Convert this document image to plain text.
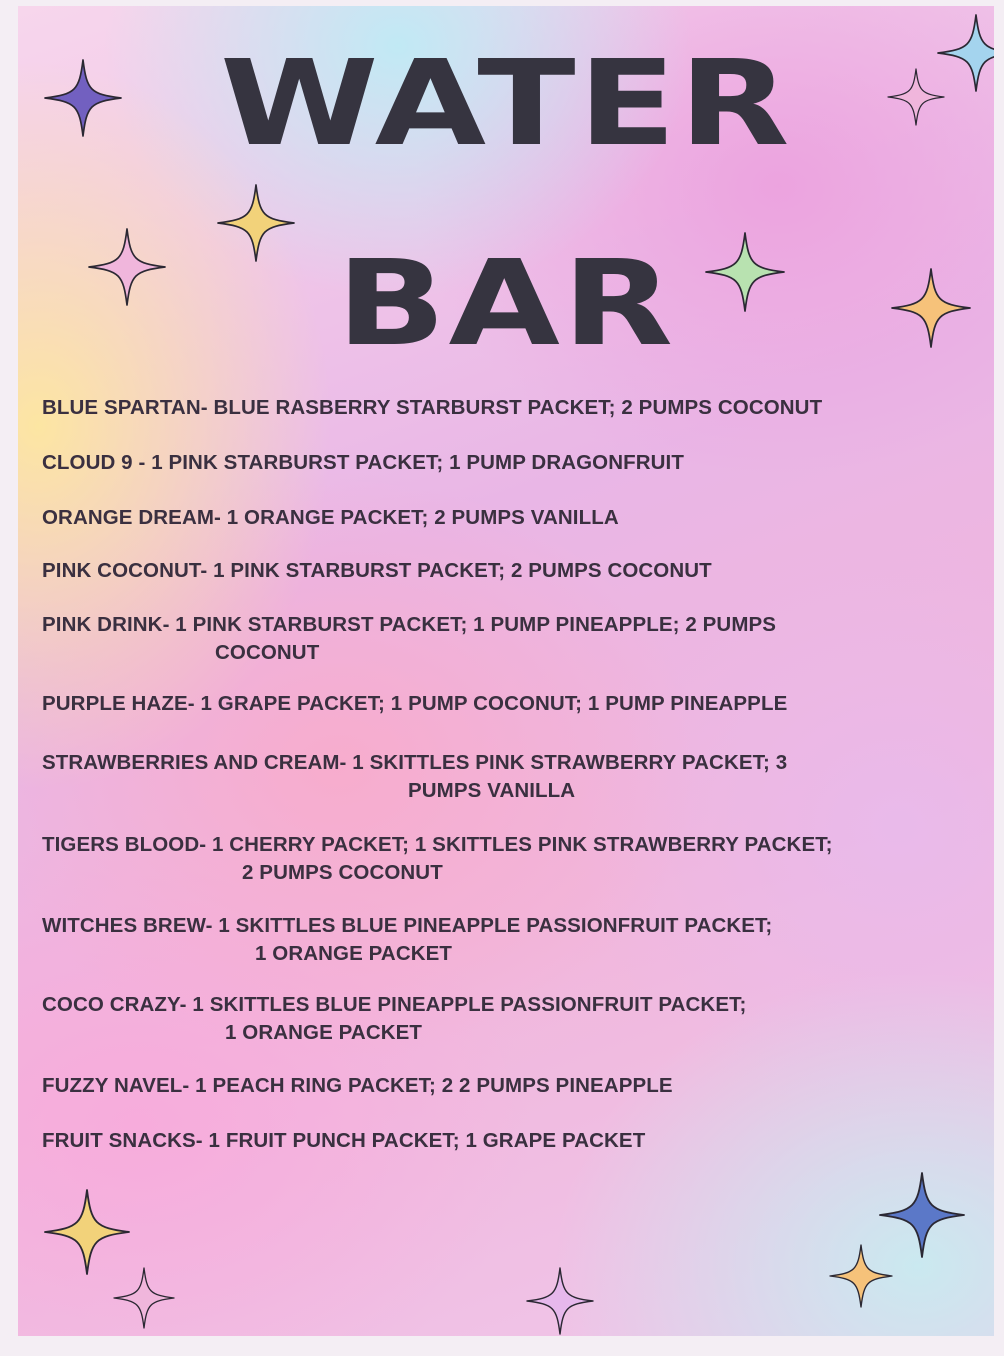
WATER
BAR
BLUE SPARTAN- BLUE RASBERRY STARBURST PACKET; 2 PUMPS COCONUT
CLOUD 9 - 1 PINK STARBURST PACKET; 1 PUMP DRAGONFRUIT
ORANGE DREAM- 1 ORANGE PACKET; 2 PUMPS VANILLA
PINK COCONUT- 1 PINK STARBURST PACKET; 2 PUMPS COCONUT
PINK DRINK- 1 PINK STARBURST PACKET; 1 PUMP PINEAPPLE; 2 PUMPS
COCONUT
PURPLE HAZE- 1 GRAPE PACKET; 1 PUMP COCONUT; 1 PUMP PINEAPPLE
STRAWBERRIES AND CREAM- 1 SKITTLES PINK STRAWBERRY PACKET; 3
PUMPS VANILLA
TIGERS BLOOD- 1 CHERRY PACKET; 1 SKITTLES PINK STRAWBERRY PACKET;
2 PUMPS COCONUT
WITCHES BREW- 1 SKITTLES BLUE PINEAPPLE PASSIONFRUIT PACKET;
1 ORANGE PACKET
COCO CRAZY- 1 SKITTLES BLUE PINEAPPLE PASSIONFRUIT PACKET;
1 ORANGE PACKET
FUZZY NAVEL- 1 PEACH RING PACKET; 2 2 PUMPS PINEAPPLE
FRUIT SNACKS- 1 FRUIT PUNCH PACKET; 1 GRAPE PACKET
